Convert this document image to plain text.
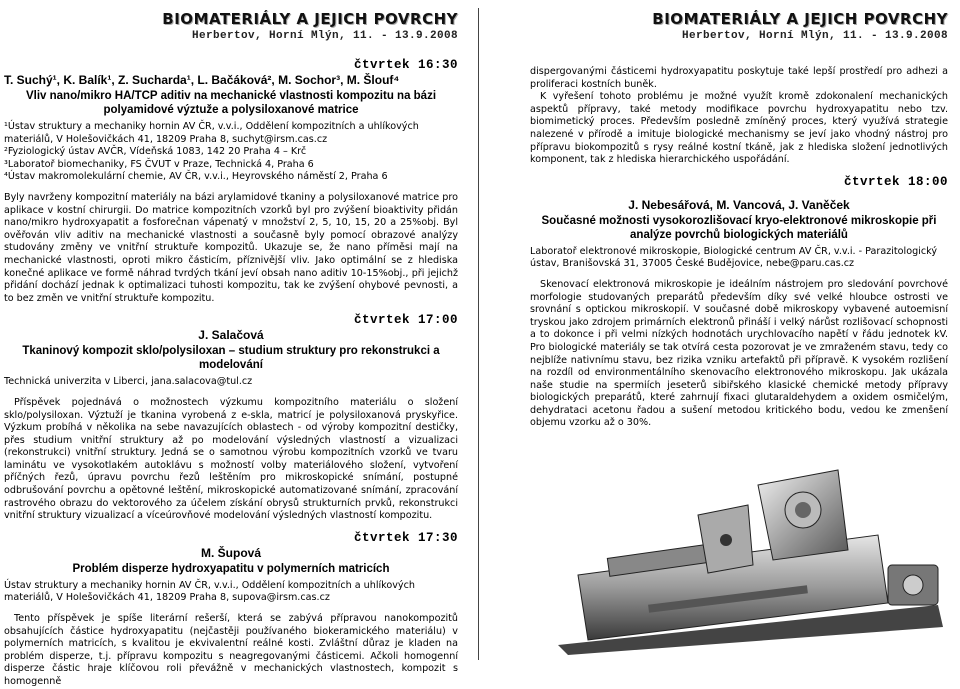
BIOMATERIÁLY A JEJICH POVRCHY
Herbertov, Horní Mlýn, 11. - 13.9.2008
čtvrtek 16:30

T. Suchý¹, K. Balík¹, Z. Sucharda¹, L. Bačáková², M. Sochor³, M. Šlouf⁴

Vliv nano/mikro HA/TCP aditiv na mechanické vlastnosti kompozitu na bázi polyamidové výztuže a polysiloxanové matrice

¹Ústav struktury a mechaniky hornin AV ČR, v.v.i., Oddělení kompozitních a uhlíkových materiálů, V Holešovičkách 41, 18209 Praha 8, suchyt@irsm.cas.cz

²Fyziologický ústav AVČR, Vídeňská 1083, 142 20 Praha 4 – Krč

³Laboratoř biomechaniky, FS ČVUT v Praze, Technická 4, Praha 6

⁴Ústav makromolekulární chemie, AV ČR, v.v.i., Heyrovského náměstí 2, Praha 6

Byly navrženy kompozitní materiály na bázi arylamidové tkaniny a polysiloxanové matrice pro aplikace v kostní chirurgii. Do matrice kompozitních vzorků byl pro zvýšení bioaktivity přidán nano/mikro hydroxyapatit a fosforečnan vápenatý v množství 2, 5, 10, 15, 20 a 25%obj. Byl ověřován vliv aditiv na mechanické vlastnosti a současně byly pomocí obrazové analýzy studovány změny ve vnitřní struktuře kompozitů. Ukazuje se, že nano příměsi mají na mechanické vlastnosti, oproti mikro částicím, příznivější vliv. Jako optimální se z hlediska konečné aplikace ve formě náhrad tvrdých tkání jeví obsah nano aditiv 10-15%obj., při jejichž přidání dochází jednak k optimalizaci tuhosti kompozitu, tak ke zvýšení ohybové pevnosti, a to bez změn ve vnitřní struktuře kompozitu.

čtvrtek 17:00

J. Salačová

Tkaninový kompozit sklo/polysiloxan – studium struktury pro rekonstrukci a modelování

Technická univerzita v Liberci, jana.salacova@tul.cz

Příspěvek pojednává o možnostech výzkumu kompozitního materiálu o složení sklo/polysiloxan. Výztuží je tkanina vyrobená z e-skla, matricí je polysiloxanová pryskyřice. Výzkum probíhá v několika na sebe navazujících oblastech - od výroby kompozitní destičky, přes studium vnitřní struktury až po modelování výsledných vlastností a vizualizaci (rekonstrukci) vnitřní struktury. Jedná se o samotnou výrobu kompozitních vzorků ve tvaru laminátu ve vysokotlakém autoklávu s možností volby materiálového složení, vytvoření příčných řezů, úpravu povrchu řezů leštěním pro mikroskopické snímání, postupné odbrušování povrchu a opětovné leštění, mikroskopické automatizované snímání, zpracování rastrového obrazu do vektorového za účelem získání obrysů strukturních prvků, rekonstrukci vnitřní struktury vizualizací a víceúrovňové modelování výsledných vlastností kompozitu.

čtvrtek 17:30

M. Šupová

Problém disperze hydroxyapatitu v polymerních matricích

Ústav struktury a mechaniky hornin AV ČR, v.v.i., Oddělení kompozitních a uhlíkových materiálů, V Holešovičkách 41, 18209 Praha 8, supova@irsm.cas.cz

Tento příspěvek je spíše literární rešerší, která se zabývá přípravou nanokompozitů obsahujících částice hydroxyapatitu (nejčastěji používaného biokeramického materiálu) v polymerních matricích, s kvalitou je ekvivalentní reálné kosti. Zvláštní důraz je kladen na problém disperze, t.j. přípravu kompozitu s neagregovanými částicemi. Ačkoli homogenní disperze částic hraje klíčovou roli převážně v mechanických vlastnostech, kompozit s homogenně

BIOMATERIÁLY A JEJICH POVRCHY
Herbertov, Horní Mlýn, 11. - 13.9.2008

dispergovanými částicemi hydroxyapatitu poskytuje také lepší prostředí pro adhezi a proliferaci kostních buněk.

K vyřešení tohoto problému je možné využít kromě zdokonalení mechanických aspektů přípravy, také metody modifikace povrchu hydroxyapatitu nebo tzv. biomimetický proces. Především posledně zmíněný proces, který využívá strategie nalezené v přírodě a imituje biologické mechanismy se jeví jako vhodný nástroj pro přípravu biokompozitů s rysy reálné kostní tkáně, jak z hlediska složení jednotlivých komponent, tak z hlediska hierarchického uspořádání.

čtvrtek 18:00

J. Nebesářová, M. Vancová, J. Vaněček

Současné možnosti vysokorozlišovací kryo-elektronové mikroskopie při analýze povrchů biologických materiálů

Laboratoř elektronové mikroskopie, Biologické centrum AV ČR, v.v.i. - Parazitologický ústav, Branišovská 31, 37005 České Budějovice, nebe@paru.cas.cz

Skenovací elektronová mikroskopie je ideálním nástrojem pro sledování povrchové morfologie studovaných preparátů především díky své velké hloubce ostrosti ve srovnání s optickou mikroskopií. V současné době mikroskopy vybavené autoemisní tryskou jako zdrojem primárních elektronů přináší i velký nárůst rozlišovací schopnosti a to dokonce i při velmi nízkých hodnotách urychlovacího napětí v řádu jednotek kV. Pro biologické materiály se tak otvírá cesta pozorovat je ve zmraženém stavu, tedy co nejblíže nativnímu stavu, bez rizika vzniku artefaktů při přípravě. K vysokém rozlišení na rozdíl od environmentálního skenovacího elektronového mikroskopu. Jak ukázala naše studie na spermiích jeseterů sibiřského klasické chemické metody přípravy biologických preparátů, které zahrnují fixaci glutaraldehydem a oxidem osmičelým, dehydrataci acetonu řadou a sušení metodou kritického bodu, vedou ke zmenšení objemu vzorku až o 30%.
